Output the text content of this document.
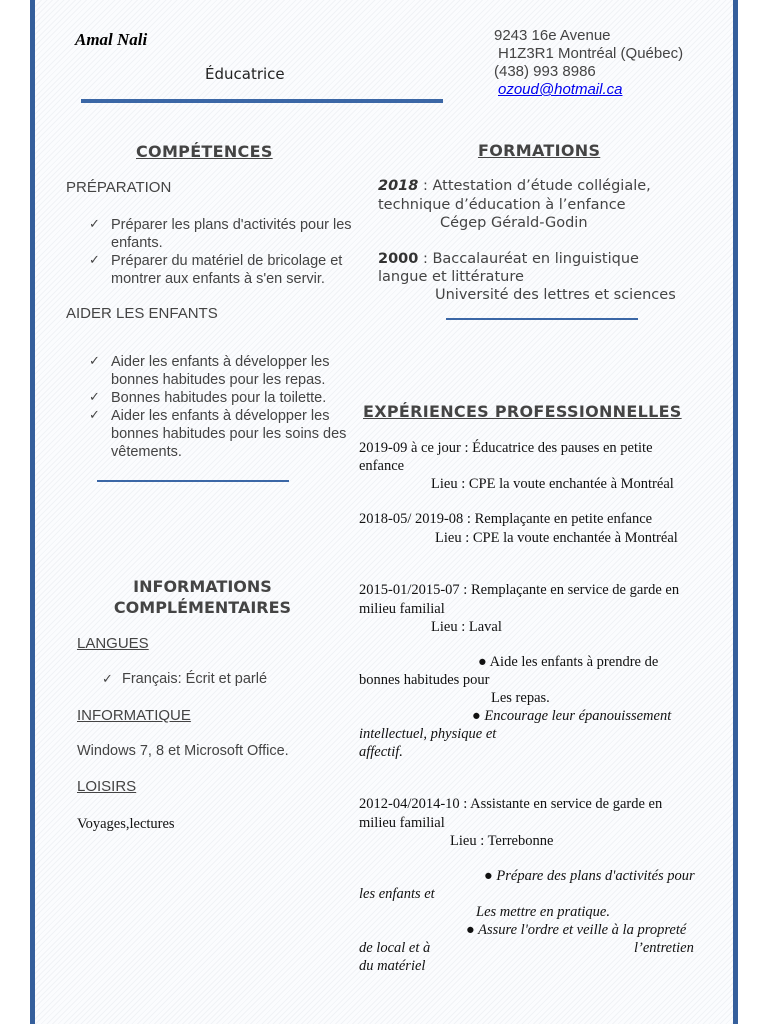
Amal Nali
Éducatrice
9243 16e Avenue
H1Z3R1 Montréal (Québec)
(438) 993 8986
ozoud@hotmail.ca
COMPÉTENCES
PRÉPARATION
✓ Préparer les plans d'activités pour les enfants.
✓ Préparer du matériel de bricolage et montrer aux enfants à s'en servir.
AIDER LES ENFANTS
✓ Aider les enfants à développer les bonnes habitudes pour les repas.
✓ Bonnes habitudes pour la toilette.
✓ Aider les enfants à développer les bonnes habitudes pour les soins des vêtements.
INFORMATIONS
COMPLÉMENTAIRES
LANGUES
✓ Français: Écrit et parlé
INFORMATIQUE
Windows 7, 8 et Microsoft Office.
LOISIRS
Voyages,lectures
FORMATIONS
2018 : Attestation d’étude collégiale,
technique d’éducation à l’enfance
Cégep Gérald-Godin
2000 : Baccalauréat en linguistique
langue et littérature
Université des lettres et sciences
EXPÉRIENCES PROFESSIONNELLES
2019-09 à ce jour : Éducatrice des pauses en petite
enfance
Lieu : CPE la voute enchantée à Montréal
2018-05/ 2019-08 : Remplaçante en petite enfance
Lieu : CPE la voute enchantée à Montréal
2015-01/2015-07 : Remplaçante en service de garde en
milieu familial
Lieu : Laval
● Aide les enfants à prendre de
bonnes habitudes pour
Les repas.
● Encourage leur épanouissement
intellectuel, physique et
affectif.
2012-04/2014-10 : Assistante en service de garde en
milieu familial
Lieu : Terrebonne
● Prépare des plans d'activités pour
les enfants et
Les mettre en pratique.
● Assure l'ordre et veille à la propreté
de local et à	l’entretien
du matériel
